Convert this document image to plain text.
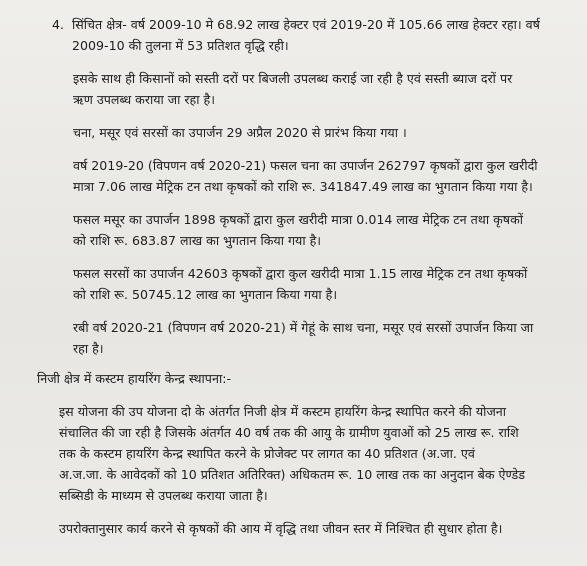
4. सिंचित क्षेत्र- वर्ष 2009-10 मे 68.92 लाख हेक्टर एवं 2019-20 में 105.66 लाख हेक्टर रहा। वर्ष
2009-10 की तुलना में 53 प्रतिशत वृद्धि रही।
इसके साथ ही किसानों को सस्ती दरों पर बिजली उपलब्ध कराई जा रही है एवं सस्ती ब्याज दरों पर
ऋण उपलब्ध कराया जा रहा है।
चना, मसूर एवं सरसों का उपार्जन 29 अप्रैल 2020 से प्रारंभ किया गया ।
वर्ष 2019-20 (विपणन वर्ष 2020-21) फसल चना का उपार्जन 262797 कृषकों द्वारा कुल खरीदी
मात्रा 7.06 लाख मेट्रिक टन तथा कृषकों को राशि रू. 341847.49 लाख का भुगतान किया गया है।
फसल मसूर का उपार्जन 1898 कृषकों द्वारा कुल खरीदी मात्रा 0.014 लाख मेट्रिक टन तथा कृषकों
को राशि रू. 683.87 लाख का भुगतान किया गया है।
फसल सरसों का उपार्जन 42603 कृषकों द्वारा कुल खरीदी मात्रा 1.15 लाख मेट्रिक टन तथा कृषकों
को राशि रू. 50745.12 लाख का भुगतान किया गया है।
रबी वर्ष 2020-21 (विपणन वर्ष 2020-21) में गेहूं के साथ चना, मसूर एवं सरसों उपार्जन किया जा
रहा है।
निजी क्षेत्र में कस्टम हायरिंग केन्द्र स्थापना:-
इस योजना की उप योजना दो के अंतर्गत निजी क्षेत्र में कस्टम हायरिंग केन्द्र स्थापित करने की योजना
संचालित की जा रही है जिसके अंतर्गत 40 वर्ष तक की आयु के ग्रामीण युवाओं को 25 लाख रू. राशि
तक के कस्टम हायरिंग केन्द्र स्थापित करने के प्रोजेक्ट पर लागत का 40 प्रतिशत (अ.जा. एवं
अ.ज.जा. के आवेदकों को 10 प्रतिशत अतिरिक्त) अधिकतम रू. 10 लाख तक का अनुदान बेक ऐण्डेड
सब्सिडी के माध्यम से उपलब्ध कराया जाता है।
उपरोक्तानुसार कार्य करने से कृषकों की आय में वृद्धि तथा जीवन स्तर में निश्चित ही सुधार होता है।
